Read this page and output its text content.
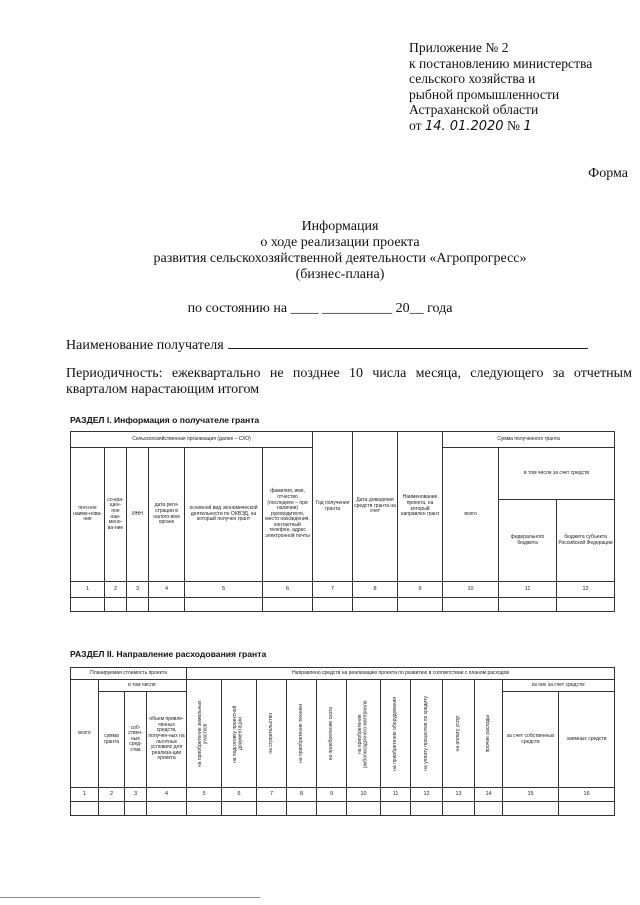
Приложение № 2
к постановлению министерства
сельского хозяйства и
рыбной промышленности
Астраханской области
от 14. 01.2020 № 1
Форма
Информация
о ходе реализации проекта
развития сельскохозяйственной деятельности «Агропрогресс»
(бизнес-плана)
по состоянию на ____ __________ 20__ года
Наименование получателя
Периодичность: ежеквартально не позднее 10 числа месяца, следующего за отчетным
кварталом нарастающим итогом
РАЗДЕЛ I. Информация о получателе гранта
Сельскохозяйственная организация (далее – СХО)						Год получения гранта	Дата доведения средств гранта на счет	Наименование проекта, на который направлен грант	Сумма полученного гранта		
пол-ное наиме-нова-ние	со-кра-щен-ное наи-мено-ва-ние	ИНН	дата реги-страции в налого-вом органе	основной вид экономической деятельности по ОКВЭД, на который получен грант	фамилия, имя, отчество (последнее – при наличии) руководителя, место нахождения, контактный телефон, адрес электронной почты				всего	в том числе за счет средств	
										федерального бюджета	бюджета субъекта Российской Федерации
1	2	3	4	5	6	7	8	9	10	11	12

РАЗДЕЛ II. Направление расходования гранта
Планируемая стоимость проекта				Направлено средств на реализацию проекта по развитию в соответствии с планом расходов											
всего	в том числе:			на приобретение земельных участков	на подготовку проектной документации	на строительство	на приобретение техники	на приобретение скота	на приобретение рыбопосадочного материала	на приобретение оборудования	на уплату процентов по кредиту	на оплату услуг	прочие расходы	из них за счет средств:	
	сумма гранта	соб-ствен-ные сред-ства	объем привле-ченных средств, получен-ных на льготных условиях для реализа-ции проекта											за счет собственных средств	заемных средств
1	2	3	4	5	6	7	8	9	10	11	12	13	14	15	16
